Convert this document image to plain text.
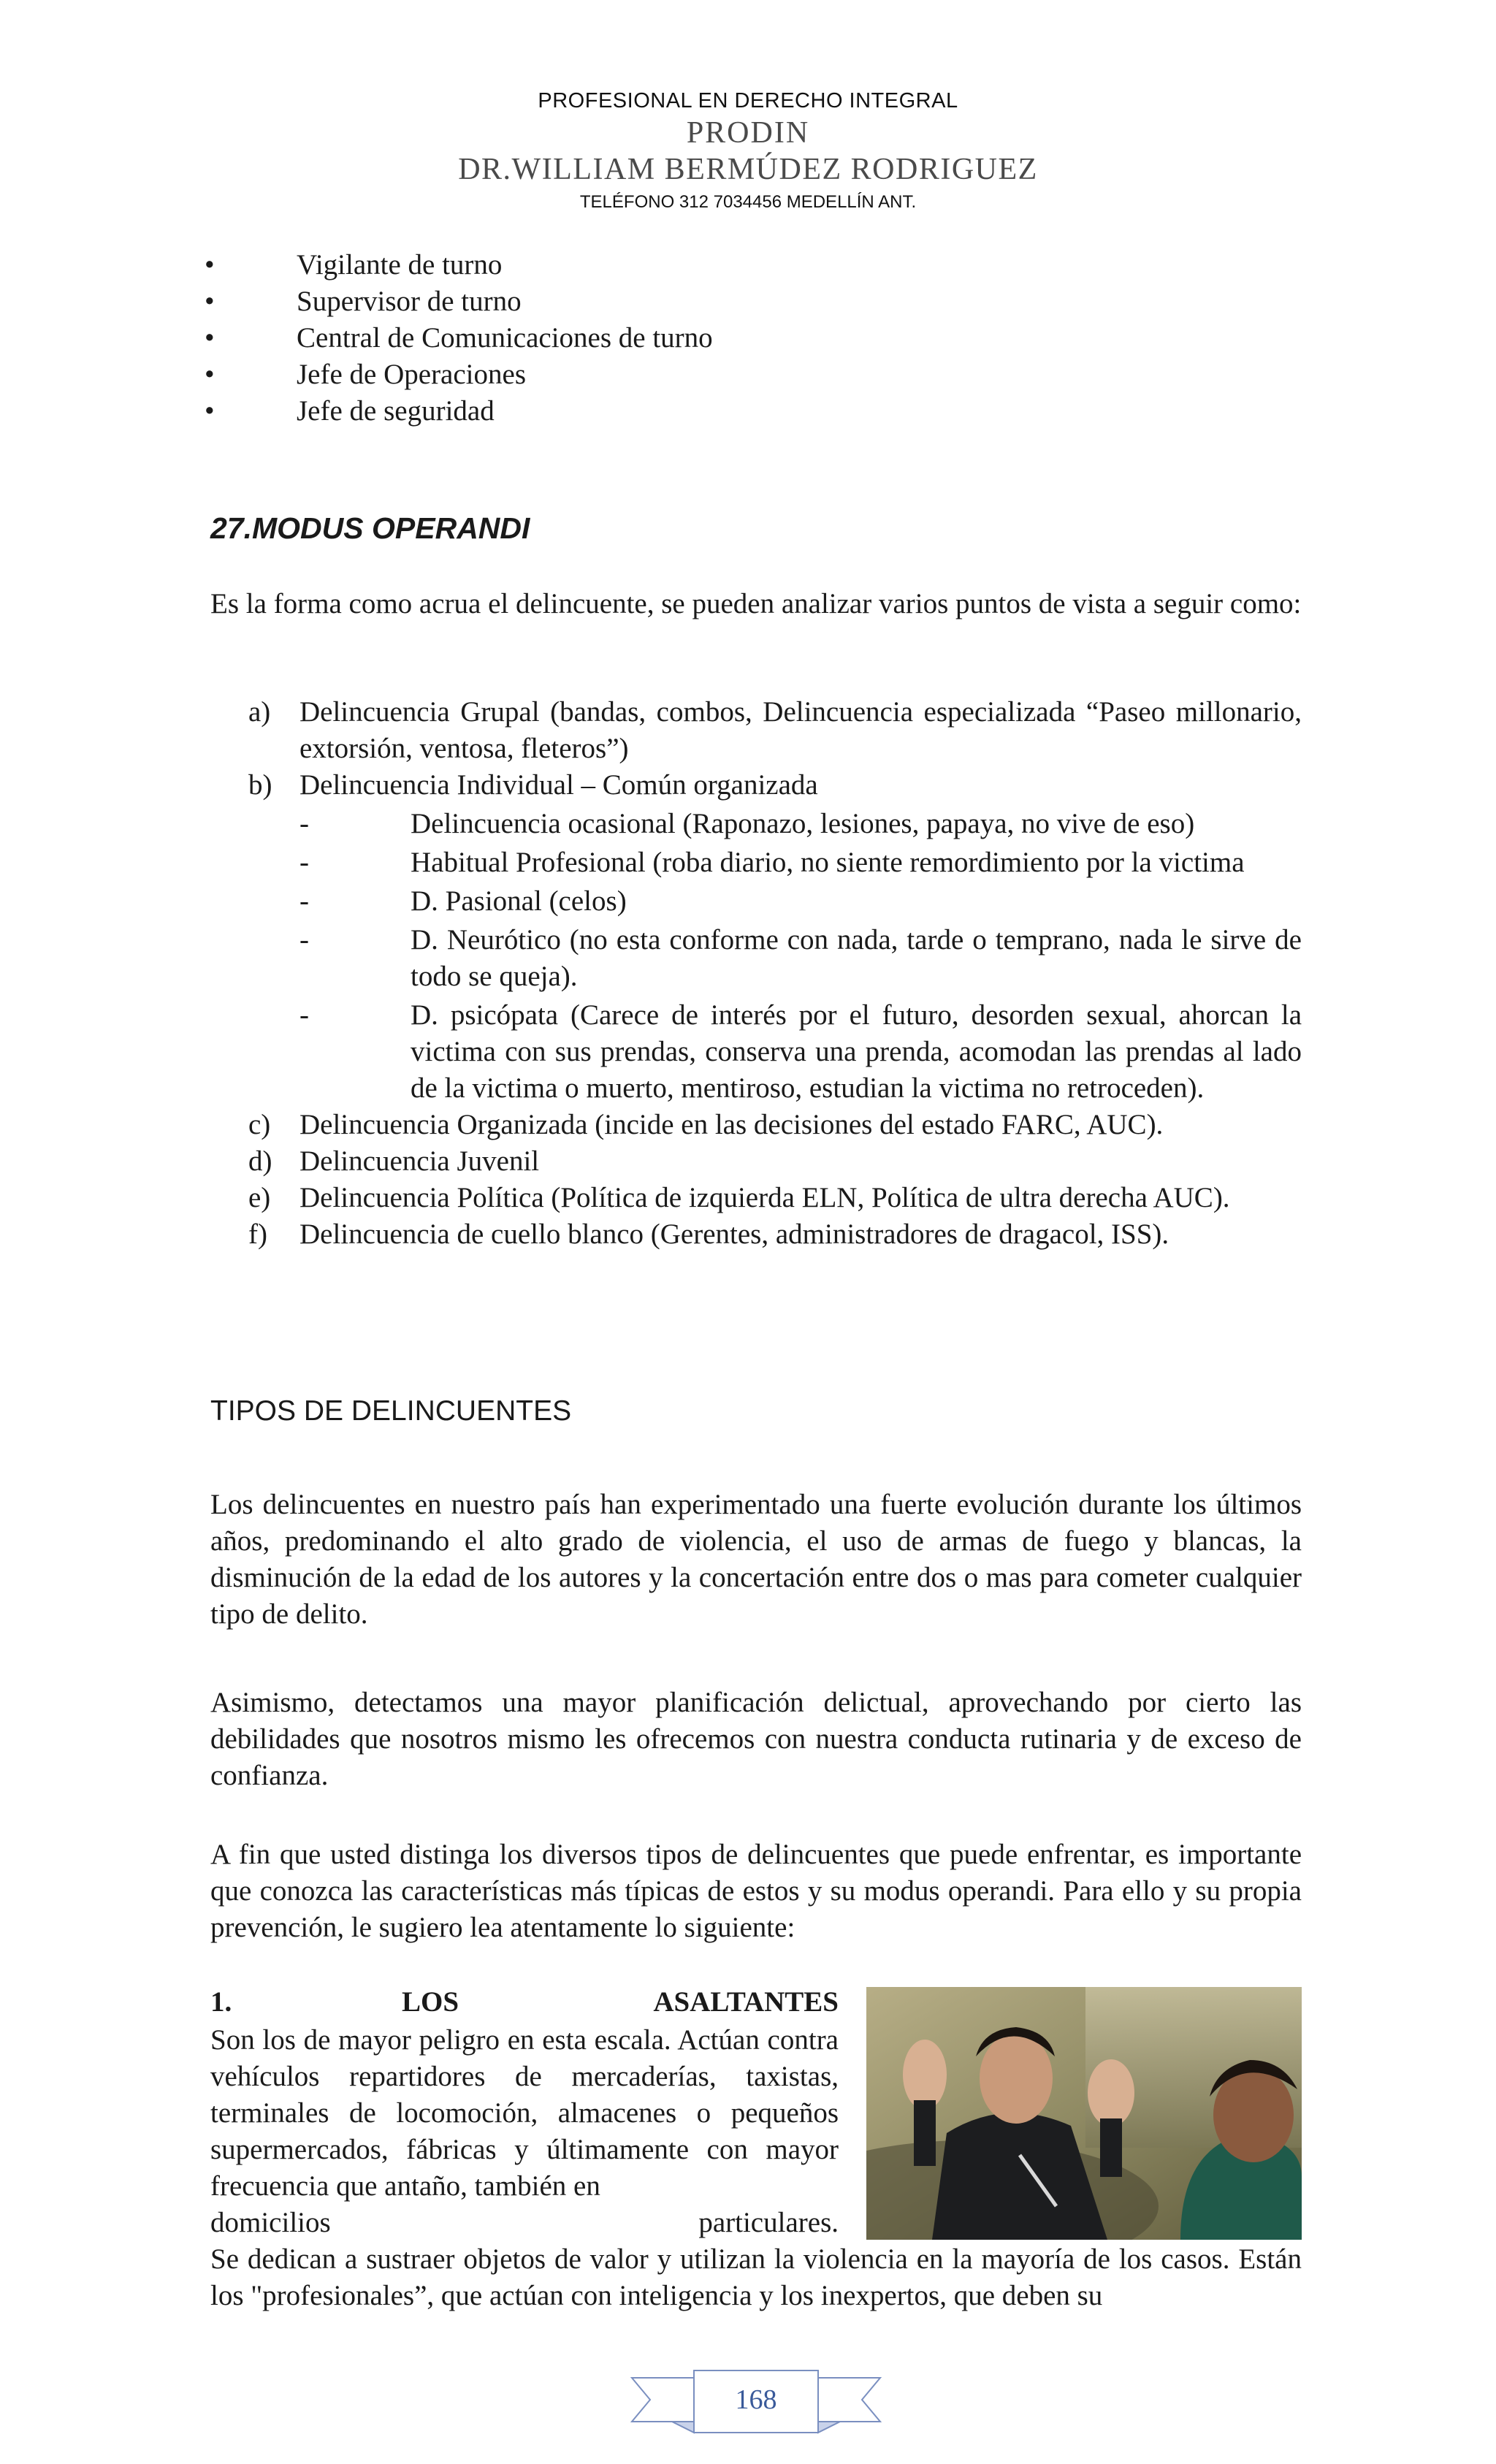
PROFESIONAL EN DERECHO INTEGRAL
PRODIN
DR.WILLIAM BERMÚDEZ RODRIGUEZ
TELÉFONO 312 7034456 MEDELLÍN ANT.
•	Vigilante de turno
•	Supervisor de turno
•	Central de Comunicaciones de turno
•	Jefe de Operaciones
•	Jefe de seguridad
27.MODUS OPERANDI
Es la forma como acrua el delincuente, se pueden analizar varios puntos de vista a seguir como:
a)	Delincuencia Grupal (bandas, combos, Delincuencia especializada “Paseo millonario, extorsión, ventosa, fleteros”)
b) Delincuencia Individual – Común organizada
-	Delincuencia ocasional (Raponazo, lesiones, papaya, no vive de eso)
-	Habitual Profesional (roba diario, no siente remordimiento por la victima
-	D. Pasional (celos)
-	D. Neurótico (no esta conforme con nada, tarde o temprano, nada le sirve de todo se queja).
-	D. psicópata (Carece de interés por el futuro, desorden sexual, ahorcan la victima con sus prendas, conserva una prenda, acomodan las prendas al lado de la victima o muerto, mentiroso, estudian la victima no retroceden).
c)	Delincuencia Organizada (incide en las decisiones del estado FARC, AUC).
d) Delincuencia Juvenil
e)	Delincuencia Política (Política de izquierda ELN, Política de ultra derecha AUC).
f)	Delincuencia de cuello blanco (Gerentes, administradores de dragacol, ISS).
TIPOS DE DELINCUENTES
Los delincuentes en nuestro país han experimentado una fuerte evolución durante los últimos años, predominando el alto grado de violencia, el uso de armas de fuego y blancas, la disminución de la edad de los autores y la concertación entre dos o mas para cometer cualquier tipo de delito.
Asimismo, detectamos una mayor planificación delictual, aprovechando por cierto las debilidades que nosotros mismo les ofrecemos con nuestra conducta rutinaria y de exceso de confianza.
A fin que usted distinga los diversos tipos de delincuentes que puede enfrentar, es importante que conozca las características más típicas de estos y su modus operandi. Para ello y su propia prevención, le sugiero lea atentamente lo siguiente:
1.	LOS	ASALTANTES
Son los de mayor peligro en esta escala. Actúan contra vehículos repartidores de mercaderías, taxistas, terminales de locomoción, almacenes o pequeños supermercados, fábricas y últimamente con mayor frecuencia que antaño, también en
domicilios	particulares.
Se dedican a sustraer objetos de valor y utilizan la violencia en la mayoría de los casos. Están los "profesionales”, que actúan con inteligencia y los inexpertos, que deben su
168
